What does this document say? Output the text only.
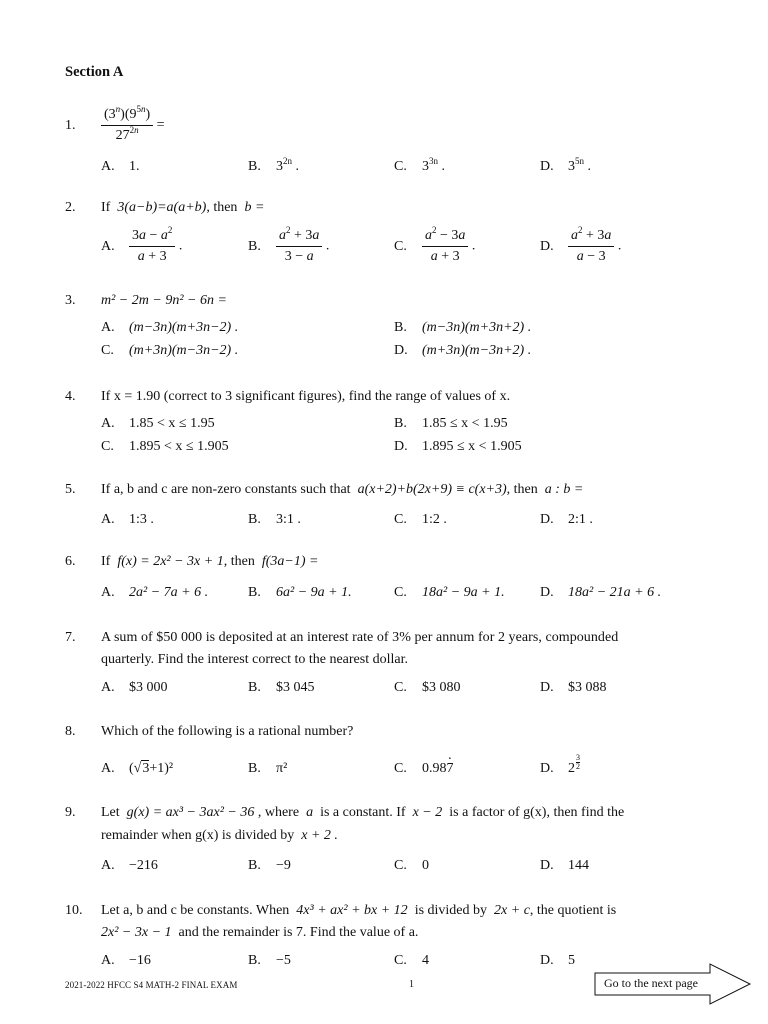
Section A
1. $\frac{(3^n)(9^{5n})}{27^{2n}}$ =
A. 1.	B. $3^{2n}$ .	C. $3^{3n}$ .	D. $3^{5n}$ .
2. If 3(a−b)=a(a+b), then b =
A. $\frac{3a - a^2}{a + 3}$ .	B. $\frac{a^2 + 3a}{3 - a}$ .	C. $\frac{a^2 - 3a}{a + 3}$ .	D. $\frac{a^2 + 3a}{a - 3}$ .
3. m² − 2m − 9n² − 6n =
A. (m−3n)(m+3n−2) .	B. (m−3n)(m+3n+2) .
C. (m+3n)(m−3n−2) .	D. (m+3n)(m−3n+2) .
4. If x = 1.90 (correct to 3 significant figures), find the range of values of x.
A. 1.85 < x ≤ 1.95	B. 1.85 ≤ x < 1.95
C. 1.895 < x ≤ 1.905	D. 1.895 ≤ x < 1.905
5. If a, b and c are non-zero constants such that a(x+2)+b(2x+9) ≡ c(x+3), then a : b =
A. 1:3 .	B. 3:1 .	C. 1:2 .	D. 2:1 .
6. If f(x) = 2x² − 3x + 1, then f(3a−1) =
A. 2a² − 7a + 6 .	B. 6a² − 9a + 1.	C. 18a² − 9a + 1.	D. 18a² − 21a + 6 .
7. A sum of $50 000 is deposited at an interest rate of 3% per annum for 2 years, compounded
quarterly. Find the interest correct to the nearest dollar.
A. $3 000	B. $3 045	C. $3 080	D. $3 088
8. Which of the following is a rational number?
A. (√3+1)²	B. π²	C. 0.987 ·	D. $2 \frac{3}{2}$
9. Let g(x) = ax³ − 3ax² − 36 , where a is a constant. If x − 2 is a factor of g(x), then find the
remainder when g(x) is divided by x + 2 .
A. −216	B. −9	C. 0	D. 144
10. Let a, b and c be constants. When 4x³ + ax² + bx + 12 is divided by 2x + c, the quotient is
2x² − 3x − 1 and the remainder is 7. Find the value of a.
A. −16	B. −5	C. 4	D. 5
2021-2022 HFCC S4 MATH-2 FINAL EXAM	1	Go to the next page
